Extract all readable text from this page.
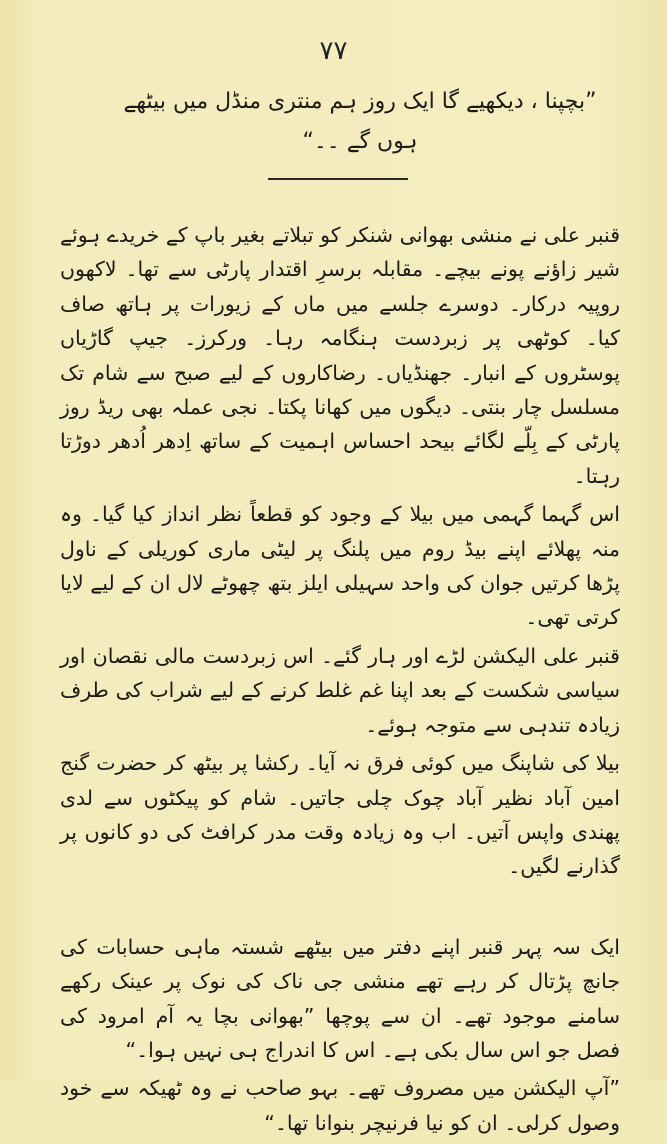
٧٧
”بچپنا ، دیکھیے گا ایک روز ہم منتری منڈل میں بیٹھے ہوں گے ۔۔“

قنبر علی نے منشی بھوانی شنکر کو تبلاتے بغیر باپ کے خریدے ہوئے شیر زاؤنے پونے بیچے۔ مقابلہ برسرِ اقتدار پارٹی سے تھا۔ لاکھوں روپیہ درکار۔ دوسرے جلسے میں ماں کے زیورات پر ہاتھ صاف کیا۔ کوٹھی پر زبردست ہنگامہ رہا۔ ورکرز۔ جیپ گاڑیاں پوسٹروں کے انبار۔ جھنڈیاں۔ رضاکاروں کے لیے صبح سے شام تک مسلسل چار بنتی۔ دیگوں میں کھانا پکتا۔ نجی عملہ بھی ریڈ روز پارٹی کے بِلّے لگائے بیحد احساس اہمیت کے ساتھ اِدھر اُدھر دوڑتا رہتا۔

اس گہما گہمی میں بیلا کے وجود کو قطعاً نظر انداز کیا گیا۔ وہ منہ پھلائے اپنے بیڈ روم میں پلنگ پر لیٹی ماری کوریلی کے ناول پڑھا کرتیں جوان کی واحد سہیلی ایلز بتھ چھوٹے لال ان کے لیے لایا کرتی تھی۔

قنبر علی الیکشن لڑے اور ہار گئے۔ اس زبردست مالی نقصان اور سیاسی شکست کے بعد اپنا غم غلط کرنے کے لیے شراب کی طرف زیادہ تندہی سے متوجہ ہوئے۔

بیلا کی شاپنگ میں کوئی فرق نہ آیا۔ رکشا پر بیٹھ کر حضرت گنج امین آباد نظیر آباد چوک چلی جاتیں۔ شام کو پیکٹوں سے لدی پھندی واپس آتیں۔ اب وہ زیادہ وقت مدر کرافٹ کی دو کانوں پر گذارنے لگیں۔

ایک سہ پہر قنبر اپنے دفتر میں بیٹھے شستہ ماہی حسابات کی جانچ پڑتال کر رہے تھے منشی جی ناک کی نوک پر عینک رکھے سامنے موجود تھے۔ ان سے پوچھا ”بھوانی بچا یہ آم امرود کی فصل جو اس سال بکی ہے۔ اس کا اندراج ہی نہیں ہوا۔“

”آپ الیکشن میں مصروف تھے۔ بہو صاحب نے وہ ٹھیکہ سے خود وصول کرلی۔ ان کو نیا فرنیچر بنوانا تھا۔“
